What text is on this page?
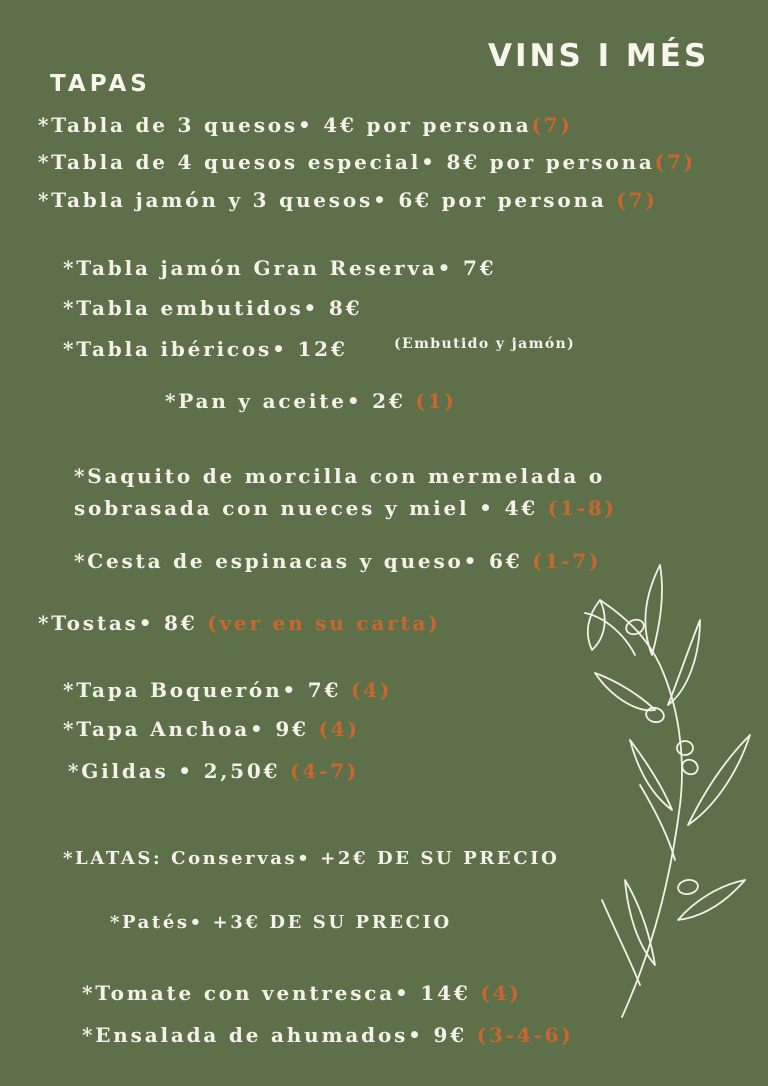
VINS I MÉS
TAPAS
*Tabla de 3 quesos• 4€ por persona(7)
*Tabla de 4 quesos especial• 8€ por persona(7)
*Tabla jamón y 3 quesos• 6€ por persona (7)
*Tabla jamón Gran Reserva• 7€
*Tabla embutidos• 8€
*Tabla ibéricos• 12€	(Embutido y jamón)
*Pan y aceite• 2€ (1)
*Saquito de morcilla con mermelada o
sobrasada con nueces y miel • 4€ (1-8)
*Cesta de espinacas y queso• 6€ (1-7)
*Tostas• 8€ (ver en su carta)
*Tapa Boquerón• 7€ (4)
*Tapa Anchoa• 9€ (4)
*Gildas • 2,50€ (4-7)
*LATAS: Conservas• +2€ DE SU PRECIO
*Patés• +3€ DE SU PRECIO
*Tomate con ventresca• 14€ (4)
*Ensalada de ahumados• 9€ (3-4-6)
